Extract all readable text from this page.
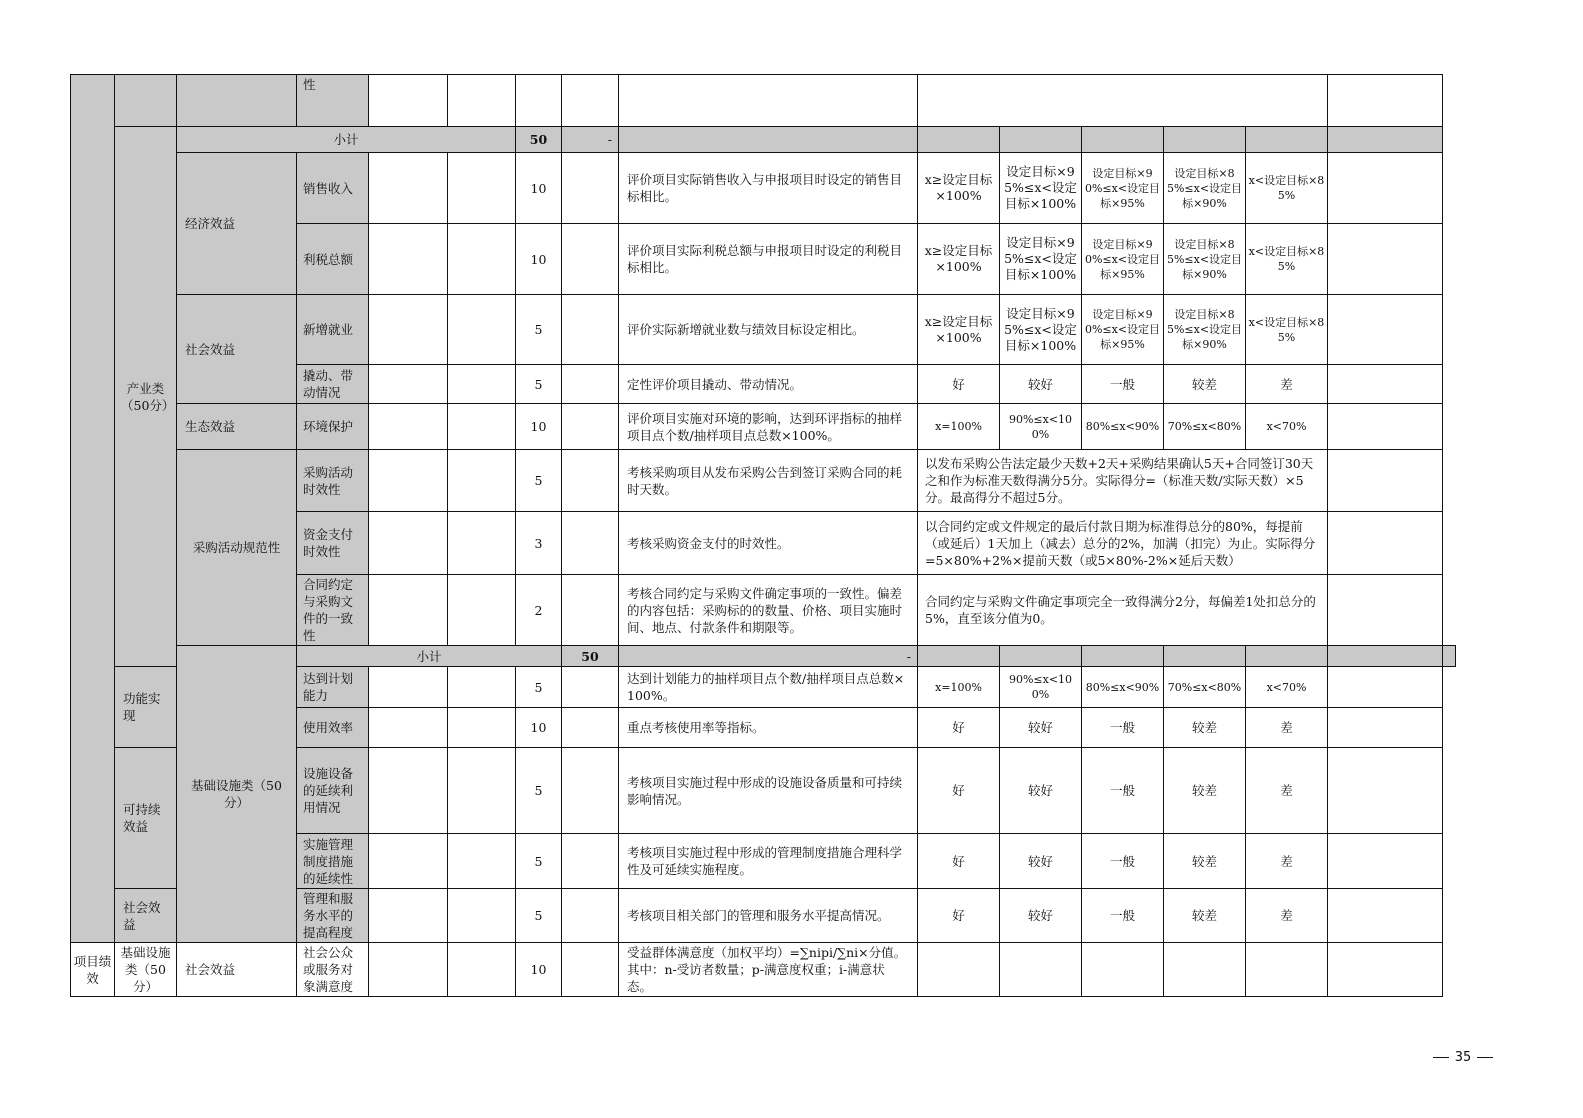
			性												
	产业类（50分）	小计				50	-								
		经济效益	销售收入			10		评价项目实际销售收入与申报项目时设定的销售目标相比。	x≥设定目标×100%	设定目标×95%≤x<设定目标×100%	设定目标×90%≤x<设定目标×95%	设定目标×85%≤x<设定目标×90%	x<设定目标×85%		
			利税总额			10		评价项目实际利税总额与申报项目时设定的利税目标相比。	x≥设定目标×100%	设定目标×95%≤x<设定目标×100%	设定目标×90%≤x<设定目标×95%	设定目标×85%≤x<设定目标×90%	x<设定目标×85%		
		社会效益	新增就业			5		评价实际新增就业数与绩效目标设定相比。	x≥设定目标×100%	设定目标×95%≤x<设定目标×100%	设定目标×90%≤x<设定目标×95%	设定目标×85%≤x<设定目标×90%	x<设定目标×85%		
			撬动、带动情况			5		定性评价项目撬动、带动情况。	好	较好	一般	较差	差		
		生态效益	环境保护			10		评价项目实施对环境的影响，达到环评指标的抽样项目点个数/抽样项目点总数×100%。	x=100%	90%≤x<100%	80%≤x<90%	70%≤x<80%	x<70%		
		采购活动规范性	采购活动时效性			5		考核采购项目从发布采购公告到签订采购合同的耗时天数。	以发布采购公告法定最少天数+2天+采购结果确认5天+合同签订30天之和作为标准天数得满分5分。实际得分=（标准天数/实际天数）×5分。最高得分不超过5分。						
			资金支付时效性			3		考核采购资金支付的时效性。	以合同约定或文件规定的最后付款日期为标准得总分的80%，每提前（或延后）1天加上（减去）总分的2%，加满（扣完）为止。实际得分=5×80%+2%×提前天数（或5×80%-2%×延后天数）						
			合同约定与采购文件的一致性			2		考核合同约定与采购文件确定事项的一致性。偏差的内容包括：采购标的的数量、价格、项目实施时间、地点、付款条件和期限等。	合同约定与采购文件确定事项完全一致得满分2分，每偏差1处扣总分的5%，直至该分值为0。						
		基础设施类（50分）	小计				50	-							
	功能实现		达到计划能力			5		达到计划能力的抽样项目点个数/抽样项目点总数×100%。	x=100%	90%≤x<100%	80%≤x<90%	70%≤x<80%	x<70%		
			使用效率			10		重点考核使用率等指标。	好	较好	一般	较差	差		
	可持续效益		设施设备的延续利用情况			5		考核项目实施过程中形成的设施设备质量和可持续影响情况。	好	较好	一般	较差	差		
			实施管理制度措施的延续性			5		考核项目实施过程中形成的管理制度措施合理科学性及可延续实施程度。	好	较好	一般	较差	差		
	社会效益		管理和服务水平的提高程度			5		考核项目相关部门的管理和服务水平提高情况。	好	较好	一般	较差	差		
项目绩效	基础设施类（50分）	社会效益	社会公众或服务对象满意度			10		受益群体满意度（加权平均）=∑nipi/∑ni×分值。其中：n-受访者数量；p-满意度权重；i-满意状态。							
35
